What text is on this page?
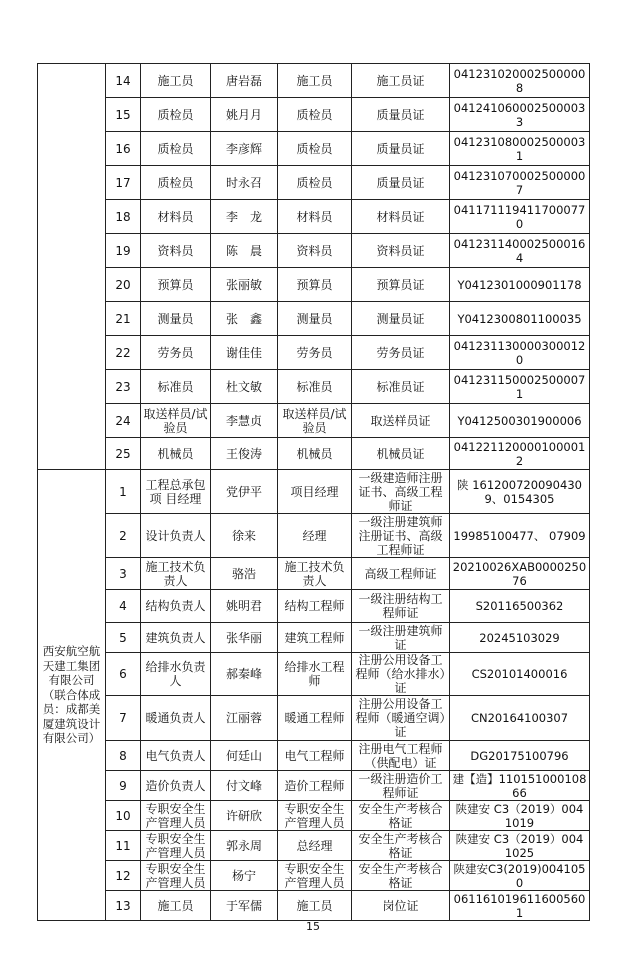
	14	施工员	唐岩磊	施工员	施工员证	0412310200025000008
	15	质检员	姚月月	质检员	质量员证	0412410600025000033
	16	质检员	李彦辉	质检员	质量员证	0412310800025000031
	17	质检员	时永召	质检员	质量员证	0412310700025000007
	18	材料员	李　龙	材料员	材料员证	0411711194117000770
	19	资料员	陈　晨	资料员	资料员证	0412311400025000164
	20	预算员	张丽敏	预算员	预算员证	Y0412301000901178
	21	测量员	张　鑫	测量员	测量员证	Y0412300801100035
	22	劳务员	谢佳佳	劳务员	劳务员证	0412311300003000120
	23	标准员	杜文敏	标准员	标准员证	0412311500025000071
	24	取送样员/试验员	李慧贞	取送样员/试验员	取送样员证	Y0412500301900006
	25	机械员	王俊涛	机械员	机械员证	0412211200001000012
西安航空航天建工集团有限公司（联合体成员：成都美厦建筑设计有限公司）	1	工程总承包项 目经理	党伊平	项目经理	一级建造师注册证书、高级工程师证	陕 1612007200904309、0154305
	2	设计负责人	徐来	经理	一级注册建筑师注册证书、高级工程师证	19985100477、 07909
	3	施工技术负责人	骆浩	施工技术负责人	高级工程师证	20210026XAB000025076
	4	结构负责人	姚明君	结构工程师	一级注册结构工程师证	S20116500362
	5	建筑负责人	张华丽	建筑工程师	一级注册建筑师证	20245103029
	6	给排水负责人	郝秦峰	给排水工程师	注册公用设备工程师（给水排水）证	CS20101400016
	7	暖通负责人	江丽蓉	暖通工程师	注册公用设备工程师（暖通空调）证	CN20164100307
	8	电气负责人	何廷山	电气工程师	注册电气工程师（供配电）证	DG20175100796
	9	造价负责人	付文峰	造价工程师	一级注册造价工程师证	建【造】11015100010866
	10	专职安全生产管理人员	许研欣	专职安全生产管理人员	安全生产考核合格证	陕建安 C3（2019）0041019
	11	专职安全生产管理人员	郭永周	总经理	安全生产考核合格证	陕建安 C3（2019）0041025
	12	专职安全生产管理人员	杨宁	专职安全生产管理人员	安全生产考核合格证	陕建安C3(2019)0041050
	13	施工员	于军儒	施工员	岗位证	0611610196116005601
15
